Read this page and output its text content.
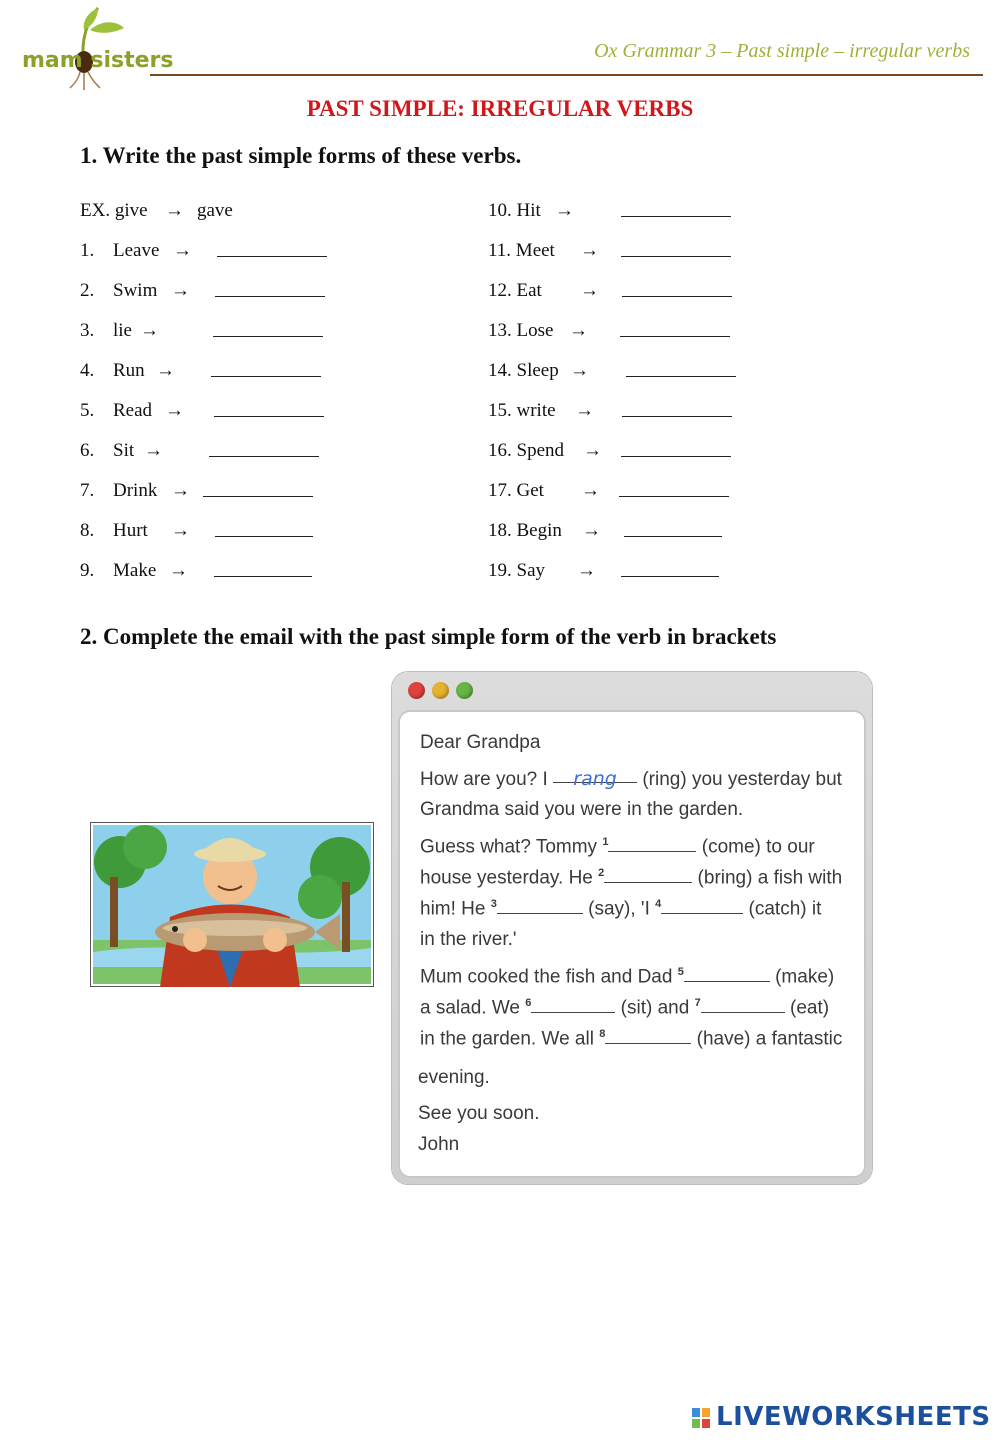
mam sisters	Ox Grammar 3 – Past simple – irregular verbs
PAST SIMPLE: IRREGULAR VERBS
1. Write the past simple forms of these verbs.
EX. give → gave	10. Hit →
1. Leave →	11. Meet →
2. Swim →	12. Eat →
3. lie →	13. Lose →
4. Run →	14. Sleep →
5. Read →	15. write →
6. Sit →	16. Spend →
7. Drink →	17. Get →
8. Hurt →	18. Begin →
9. Make →	19. Say →
2. Complete the email with the past simple form of the verb in brackets
Dear Grandpa
How are you? I rang (ring) you yesterday but
Grandma said you were in the garden.
Guess what? Tommy $^1$	(come) to our
house yesterday. He $^2$	(bring) a fish with
him! He $^3$	(say), 'I $^4$	(catch) it
in the river.'
Mum cooked the fish and Dad $^5$	(make)
a salad. We $^6$	(sit) and $^7$	(eat)
in the garden. We all $^8$	(have) a fantastic
evening.
See you soon.
John
LIVEWORKSHEETS
